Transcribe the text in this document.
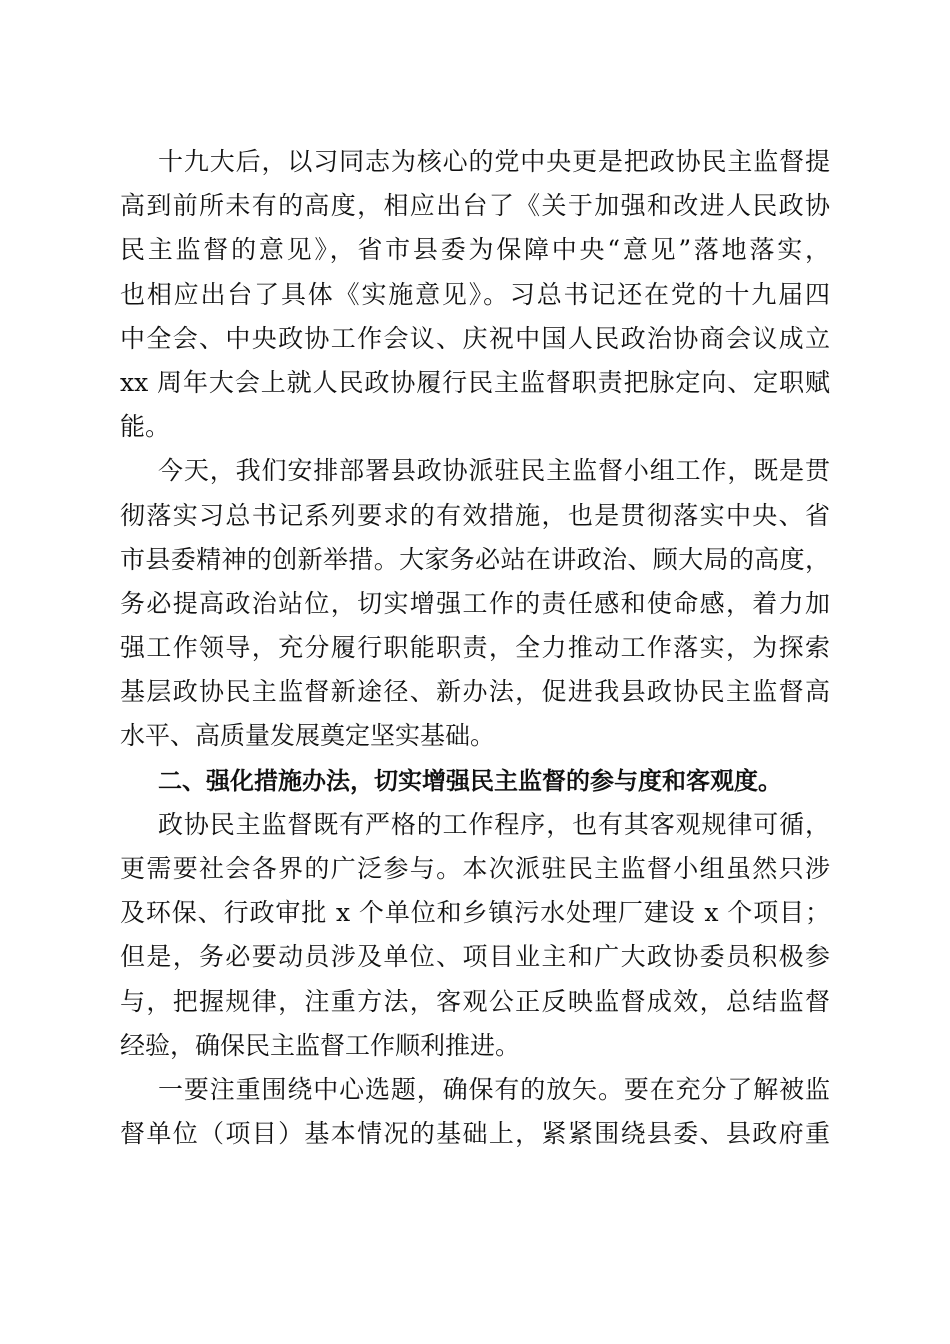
十九大后，以习同志为核心的党中央更是把政协民主监督提
高到前所未有的高度，相应出台了《关于加强和改进人民政协
民主监督的意见》，省市县委为保障中央“意见”落地落实，
也相应出台了具体《实施意见》。习总书记还在党的十九届四
中全会、中央政协工作会议、庆祝中国人民政治协商会议成立
xx 周年大会上就人民政协履行民主监督职责把脉定向、定职赋
能。
今天，我们安排部署县政协派驻民主监督小组工作，既是贯
彻落实习总书记系列要求的有效措施，也是贯彻落实中央、省
市县委精神的创新举措。大家务必站在讲政治、顾大局的高度，
务必提高政治站位，切实增强工作的责任感和使命感，着力加
强工作领导，充分履行职能职责，全力推动工作落实，为探索
基层政协民主监督新途径、新办法，促进我县政协民主监督高
水平、高质量发展奠定坚实基础。
二、强化措施办法，切实增强民主监督的参与度和客观度。
政协民主监督既有严格的工作程序，也有其客观规律可循，
更需要社会各界的广泛参与。本次派驻民主监督小组虽然只涉
及环保、行政审批 x 个单位和乡镇污水处理厂建设 x 个项目；
但是，务必要动员涉及单位、项目业主和广大政协委员积极参
与，把握规律，注重方法，客观公正反映监督成效，总结监督
经验，确保民主监督工作顺利推进。
一要注重围绕中心选题，确保有的放矢。要在充分了解被监
督单位（项目）基本情况的基础上，紧紧围绕县委、县政府重
